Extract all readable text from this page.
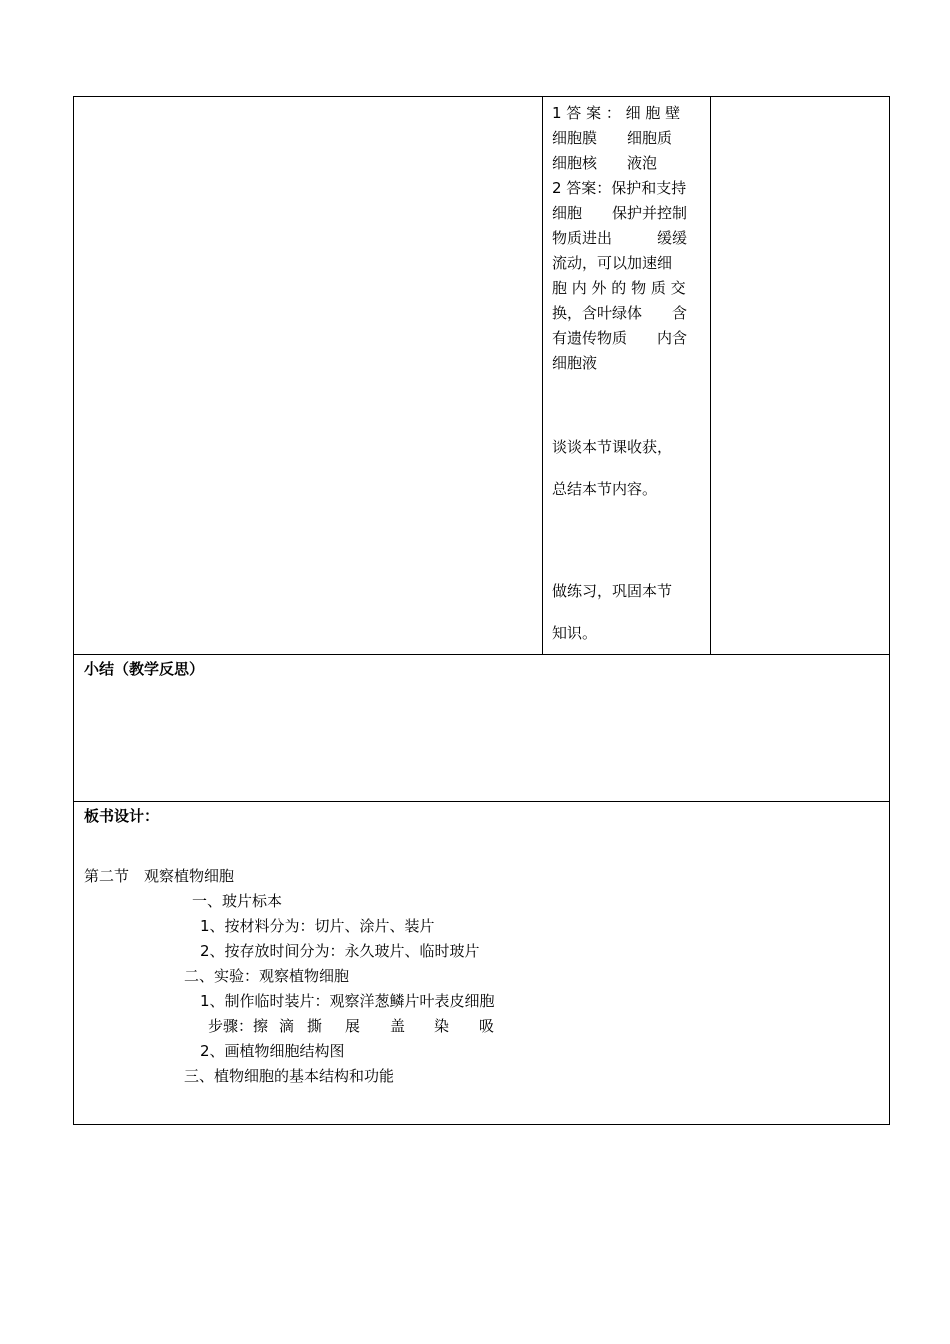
1 答 案 ： 细 胞 壁

细胞膜　　细胞质

细胞核　　液泡

2 答案：保护和支持

细胞　　保护并控制

物质进出　　　缓缓

流动，可以加速细

胞 内 外 的 物 质 交

换，含叶绿体　　含

有遗传物质　　内含

细胞液

谈谈本节课收获，

总结本节内容。

做练习，巩固本节

知识。

小结（教学反思）

板书设计：
第二节　观察植物细胞
一、玻片标本
1、按材料分为：切片、涂片、装片
2、按存放时间分为：永久玻片、临时玻片
二、实验：观察植物细胞
1、制作临时装片：观察洋葱鳞片叶表皮细胞
步骤：擦 滴 撕 展 盖 染 吸
2、画植物细胞结构图
三、植物细胞的基本结构和功能
